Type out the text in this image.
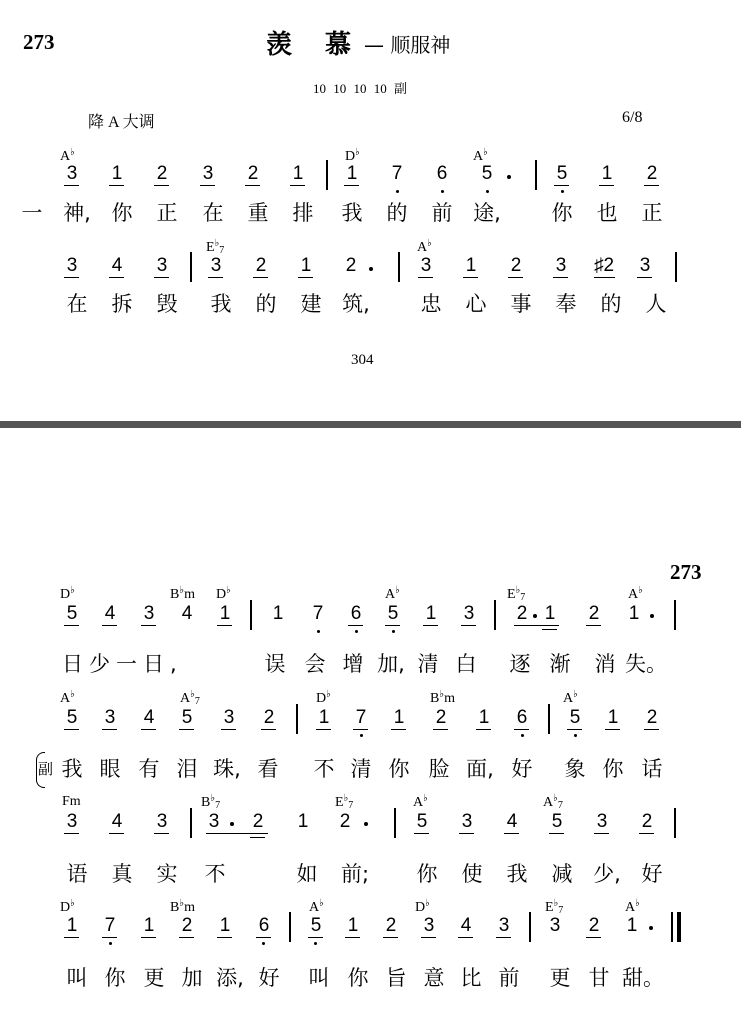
273	羡 慕 — 顺服神
10 10 10 10 副
降 A 大调	6/8
A♭	D♭	A♭
3 1 2 3 2 1 1 7 6 5	5 1 2
一 神, 你 正 在 重 排 我 的 前 途, 你 也 正
$E^♭_7$	A♭
3 4 3 3 2 1 2	3 1 2 3 ♯2 3
在 拆 毁 我 的 建 筑, 忠 心 事 奉 的 人
304
273
D♭	B♭m D♭	A♭	$E^♭_7$	A♭
5 4 3 4 1 1 7 6 5 1 3 2 1 2 1
日少一日,	误 会 增 加, 清 白 逐 渐 消 失。
A♭	$A^♭_7$	D♭	B♭m	A♭
5 3 4 5 3 2 1 7 1 2 1 6 5 1 2
副 我 眼 有 泪 珠, 看 不 清 你 脸 面, 好 象 你 话
Fm	$B^♭_7$	$E^♭_7$	A♭	$A^♭_7$
3 4 3 3 2 1 2	5 3 4 5 3 2
语 真 实 不	如 前; 你 使 我 减 少, 好
D♭	B♭m	A♭	D♭	$E^♭_7$	A♭
1 7 1 2 1 6 5 1 2 3 4 3 3 2 1
叫 你 更 加 添, 好 叫 你 旨 意 比 前 更 甘 甜。
